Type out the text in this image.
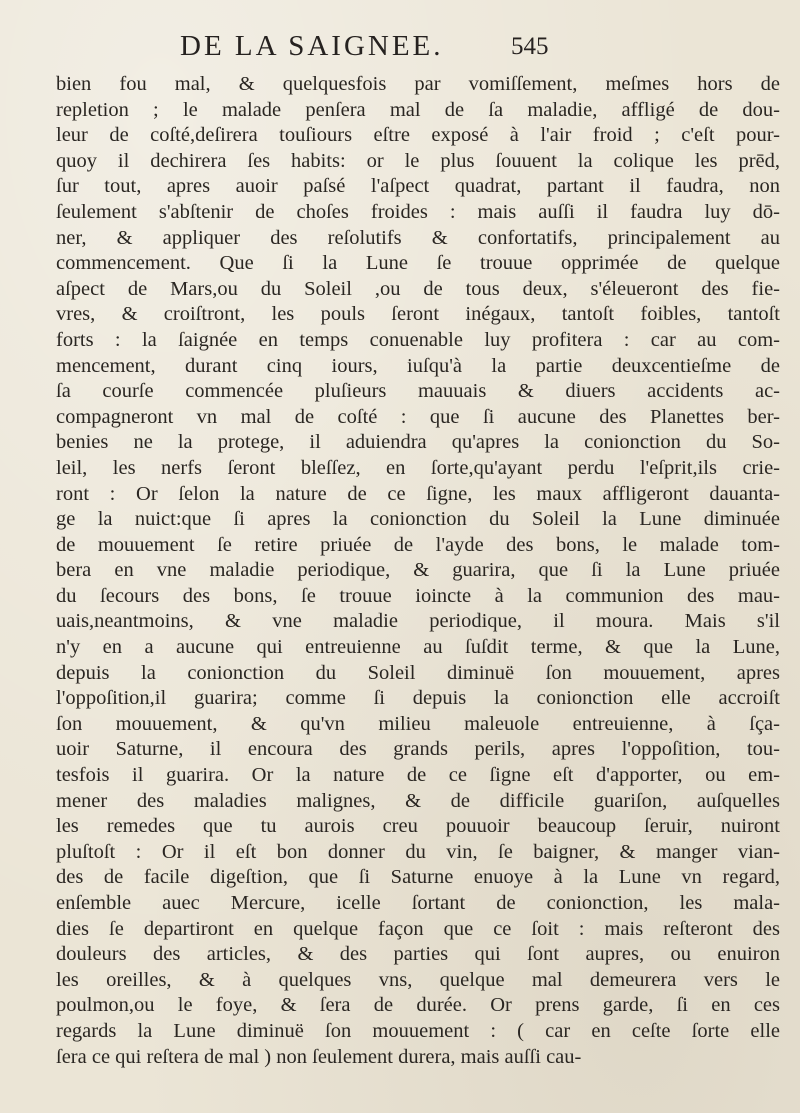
DE LA SAIGNEE.	545
bien fou mal, & quelquesfois par vomiſſement, meſmes hors de
repletion ; le malade penſera mal de ſa maladie, affligé de dou-
leur de coſté,deſirera touſiours eſtre exposé à l'air froid ; c'eſt pour-
quoy il dechirera ſes habits: or le plus ſouuent la colique les prēd,
ſur tout, apres auoir paſsé l'aſpect quadrat, partant il faudra, non
ſeulement s'abſtenir de choſes froides : mais auſſi il faudra luy dō-
ner, & appliquer des reſolutifs & confortatifs, principalement au
commencement. Que ſi la Lune ſe trouue opprimée de quelque
aſpect de Mars,ou du Soleil ,ou de tous deux, s'éleueront des fie-
vres, & croiſtront, les pouls ſeront inégaux, tantoſt foibles, tantoſt
forts : la ſaignée en temps conuenable luy profitera : car au com-
mencement, durant cinq iours, iuſqu'à la partie deuxcentieſme de
ſa courſe commencée pluſieurs mauuais & diuers accidents ac-
compagneront vn mal de coſté : que ſi aucune des Planettes ber-
benies ne la protege, il aduiendra qu'apres la conionction du So-
leil, les nerfs ſeront bleſſez, en ſorte,qu'ayant perdu l'eſprit,ils crie-
ront : Or ſelon la nature de ce ſigne, les maux affligeront dauanta-
ge la nuict:que ſi apres la conionction du Soleil la Lune diminuée
de mouuement ſe retire priuée de l'ayde des bons, le malade tom-
bera en vne maladie periodique, & guarira, que ſi la Lune priuée
du ſecours des bons, ſe trouue ioincte à la communion des mau-
uais,neantmoins, & vne maladie periodique, il moura. Mais s'il
n'y en a aucune qui entreuienne au ſuſdit terme, & que la Lune,
depuis la conionction du Soleil diminuë ſon mouuement, apres
l'oppoſition,il guarira; comme ſi depuis la conionction elle accroiſt
ſon mouuement, & qu'vn milieu maleuole entreuienne, à ſça-
uoir Saturne, il encoura des grands perils, apres l'oppoſition, tou-
tesfois il guarira. Or la nature de ce ſigne eſt d'apporter, ou em-
mener des maladies malignes, & de difficile guariſon, auſquelles
les remedes que tu aurois creu pouuoir beaucoup ſeruir, nuiront
pluſtoſt : Or il eſt bon donner du vin, ſe baigner, & manger vian-
des de facile digeſtion, que ſi Saturne enuoye à la Lune vn regard,
enſemble auec Mercure, icelle ſortant de conionction, les mala-
dies ſe departiront en quelque façon que ce ſoit : mais reſteront des
douleurs des articles, & des parties qui ſont aupres, ou enuiron
les oreilles, & à quelques vns, quelque mal demeurera vers le
poulmon,ou le foye, & ſera de durée. Or prens garde, ſi en ces
regards la Lune diminuë ſon mouuement : ( car en ceſte ſorte elle
ſera ce qui reſtera de mal ) non ſeulement durera, mais auſſi cau-
